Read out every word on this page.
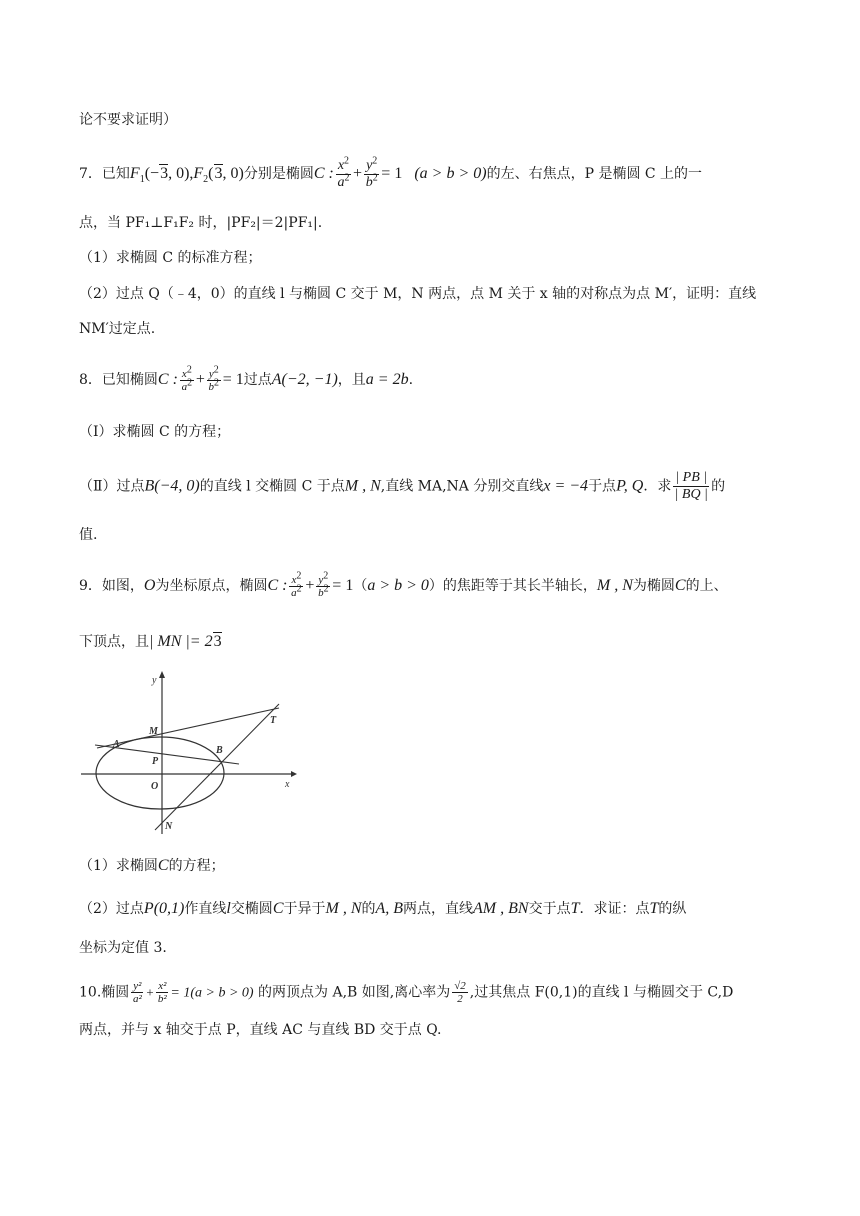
论不要求证明）
7．已知$F_1(-3$, $0),F_2(3$, 0)分别是椭圆C : $\frac{x^2}{a^2} + \frac{y^2}{b^2} = 1$ (a > b > 0)的左、右焦点，P 是椭圆 C 上的一
点，当 PF₁⊥F₁F₂ 时，|PF₂|＝2|PF₁|.
（1）求椭圆 C 的标准方程；
（2）过点 Q（﹣4，0）的直线 l 与椭圆 C 交于 M，N 两点，点 M 关于 x 轴的对称点为点 M′，证明：直线
NM′过定点.
8．已知椭圆C : $\frac{x^2}{a^2} + \frac{y^2}{b^2} = 1$过点A(−2, −1)，且a = 2b.
（Ⅰ）求椭圆 C 的方程；
（Ⅱ）过点B(−4, 0)的直线 l 交椭圆 C 于点M , N,直线 MA,NA 分别交直线x = −4于点P, Q．求 $\frac{| PB |}{| BQ |}$ 的
值.
9．如图，O为坐标原点，椭圆C : $\frac{x^2}{a^2} + \frac{y^2}{b^2} = 1(a > b > 0)$的焦距等于其长半轴长，M , N为椭圆C的上、
下顶点，且| MN |= 23
y
x
M
A
B
P
O
N
T
（1）求椭圆C的方程；
（2）过点P(0,1)作直线l交椭圆C于异于M , N的A, B两点，直线AM , BN交于点T．求证：点T的纵
坐标为定值 3.
10.椭圆 $\frac{\text{y²}}{\text{a²}} + \frac{\text{x²}}{\text{b²}} = 1(a > b > 0)$ 的两顶点为 A,B 如图,离心率为 $\frac{√2}{2}$ ,过其焦点 F(0,1)的直线 l 与椭圆交于 C,D
两点，并与 x 轴交于点 P，直线 AC 与直线 BD 交于点 Q.
